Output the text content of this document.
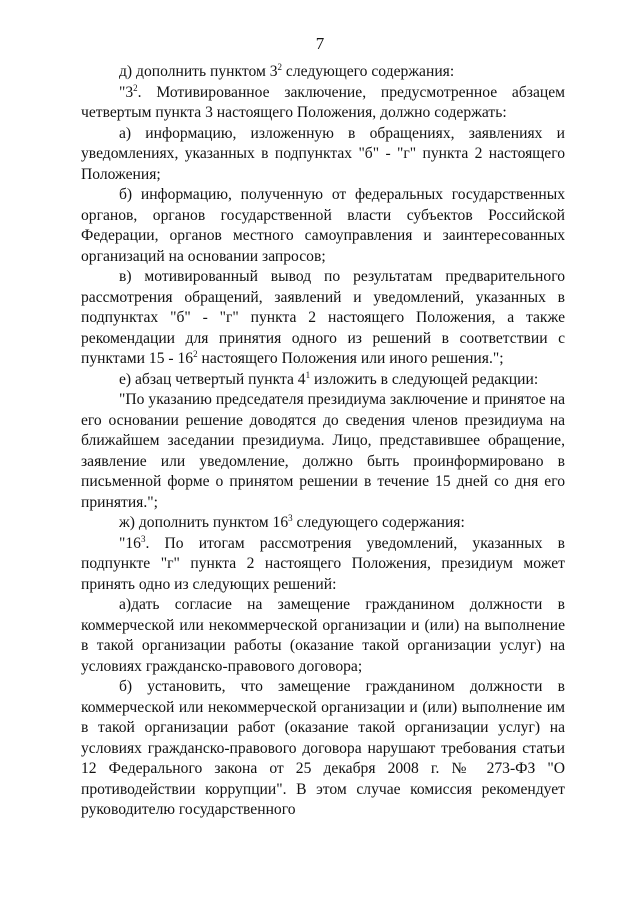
7

д) дополнить пунктом $3^2$ следующего содержания:

"$3^2$. Мотивированное заключение, предусмотренное абзацем четвертым пункта 3 настоящего Положения, должно содержать:

а) информацию, изложенную в обращениях, заявлениях и уведомлениях, указанных в подпунктах "б" - "г" пункта 2 настоящего Положения;

б) информацию, полученную от федеральных государственных органов, органов государственной власти субъектов Российской Федерации, органов местного самоуправления и заинтересованных организаций на основании запросов;

в) мотивированный вывод по результатам предварительного рассмотрения обращений, заявлений и уведомлений, указанных в подпунктах "б" - "г" пункта 2 настоящего Положения, а также рекомендации для принятия одного из решений в соответствии с пунктами $15 - 16^2$ настоящего Положения или иного решения.";

е) абзац четвертый пункта $4^1$ изложить в следующей редакции:

"По указанию председателя президиума заключение и принятое на его основании решение доводятся до сведения членов президиума на ближайшем заседании президиума. Лицо, представившее обращение, заявление или уведомление, должно быть проинформировано в письменной форме о принятом решении в течение 15 дней со дня его принятия.";

ж) дополнить пунктом $16^3$ следующего содержания:

"$16^3$. По итогам рассмотрения уведомлений, указанных в подпункте "г" пункта 2 настоящего Положения, президиум может принять одно из следующих решений:

а)дать согласие на замещение гражданином должности в коммерческой или некоммерческой организации и (или) на выполнение в такой организации работы (оказание такой организации услуг) на условиях гражданско-правового договора;

б) установить, что замещение гражданином должности в коммерческой или некоммерческой организации и (или) выполнение им в такой организации работ (оказание такой организации услуг) на условиях гражданско-правового договора нарушают требования статьи 12 Федерального закона от 25 декабря 2008 г. № 273-ФЗ "О противодействии коррупции". В этом случае комиссия рекомендует руководителю государственного
